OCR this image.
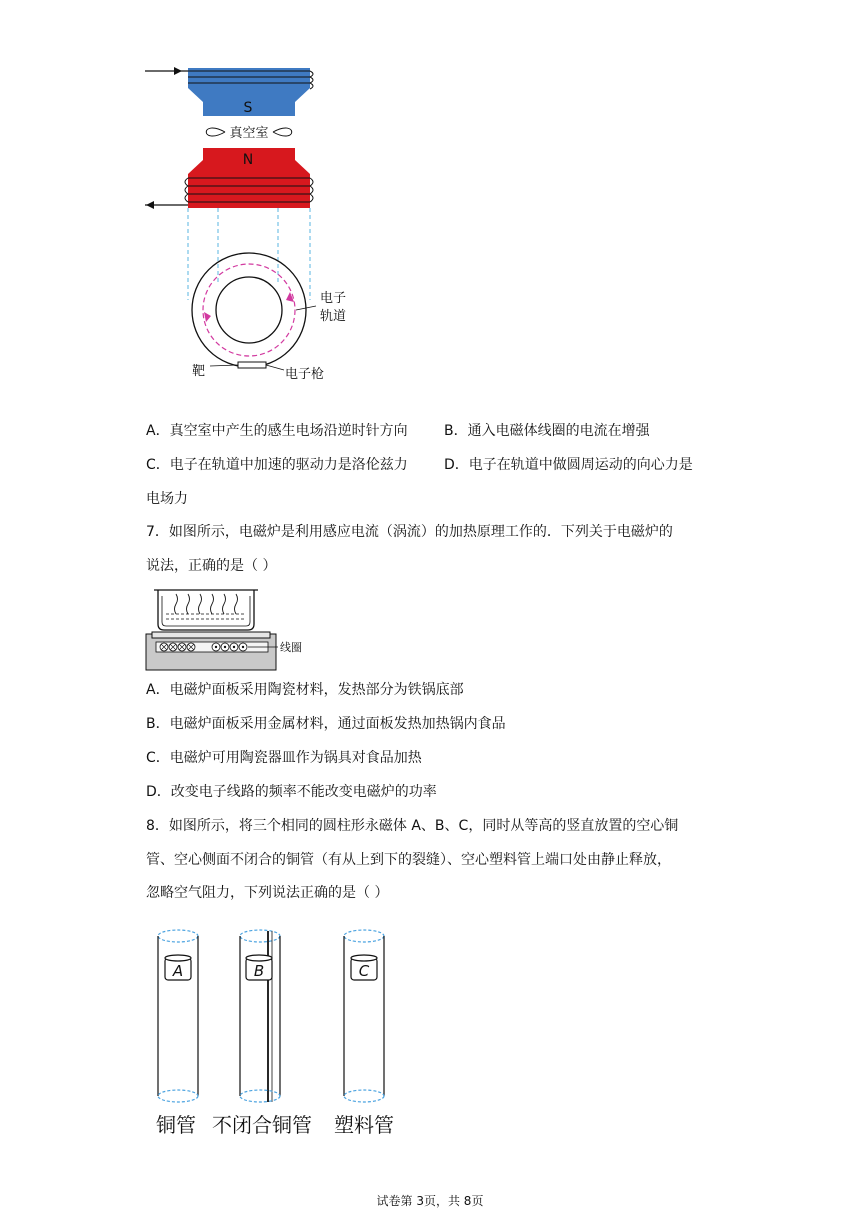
S
真空室
N
电子
轨道
靶	电子枪
A．真空室中产生的感生电场沿逆时针方向	B．通入电磁体线圈的电流在增强
C．电子在轨道中加速的驱动力是洛伦兹力	D．电子在轨道中做圆周运动的向心力是
电场力
7．如图所示，电磁炉是利用感应电流（涡流）的加热原理工作的．下列关于电磁炉的
说法，正确的是（ ）
线圈
A．电磁炉面板采用陶瓷材料，发热部分为铁锅底部
B．电磁炉面板采用金属材料，通过面板发热加热锅内食品
C．电磁炉可用陶瓷器皿作为锅具对食品加热
D．改变电子线路的频率不能改变电磁炉的功率
8．如图所示，将三个相同的圆柱形永磁体 A、B、C，同时从等高的竖直放置的空心铜
管、空心侧面不闭合的铜管（有从上到下的裂缝）、空心塑料管上端口处由静止释放，
忽略空气阻力，下列说法正确的是（ ）
A	B	C
铜管 不闭合铜管 塑料管
试卷第 3页，共 8页
